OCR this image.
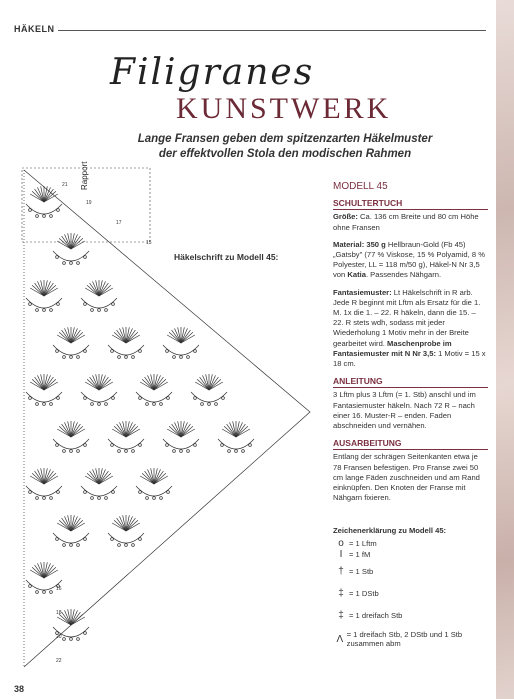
HÄKELN
Filigranes
KUNSTWERK
Lange Fransen geben dem spitzenzarten Häkelmuster
der effektvollen Stola den modischen Rahmen
21
19
17
15
22
20
18
16
Rapport
Häkelschrift zu Modell 45:
MODELL 45
SCHULTERTUCH

Größe: Ca. 136 cm Breite und 80 cm Höhe ohne Fransen

Material: 350 g Hellbraun-Gold (Fb 45) „Gatsby" (77 % Viskose, 15 % Polyamid, 8 % Polyester, LL = 118 m/50 g), Häkel-N Nr 3,5 von Katia. Passendes Nähgarn.

Fantasiemuster: Lt Häkelschrift in R arb. Jede R beginnt mit Lftm als Ersatz für die 1. M. 1x die 1. – 22. R häkeln, dann die 15. – 22. R stets wdh, sodass mit jeder Wiederholung 1 Motiv mehr in der Breite gearbeitet wird. Maschenprobe im Fantasiemuster mit N Nr 3,5: 1 Motiv = 15 x 18 cm.

ANLEITUNG

3 Lftm plus 3 Lftm (= 1. Stb) anschl und im Fantasiemuster häkeln. Nach 72 R – nach einer 16. Muster-R – enden. Faden abschneiden und vernähen.

AUSARBEITUNG

Entlang der schrägen Seitenkanten etwa je 78 Fransen befestigen. Pro Franse zwei 50 cm lange Fäden zuschneiden und am Rand einknüpfen. Den Knoten der Franse mit Nähgarn fixieren.

Zeichenerklärung zu Modell 45:
o = 1 Lftm
I = 1 fM
† = 1 Stb
‡ = 1 DStb
‡ = 1 dreifach Stb
Λ = 1 dreifach Stb, 2 DStb und 1 Stb zusammen abm
38
